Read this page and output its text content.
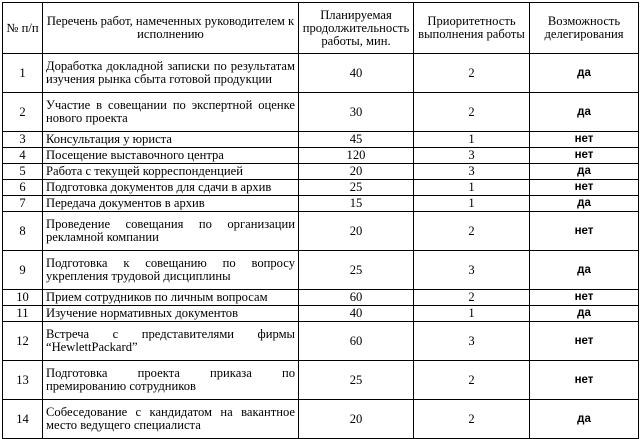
№ п/п	Перечень работ, намеченных руководителем к исполнению	Планируемая продолжительность работы, мин.	Приоритетность выполнения работы	Возможность делегирования
1	Доработка докладной записки по результатам изучения рынка сбыта готовой продукции	40	2	да
2	Участие в совещании по экспертной оценке нового проекта	30	2	да
3	Консультация у юриста	45	1	нет
4	Посещение выставочного центра	120	3	нет
5	Работа с текущей корреспонденцией	20	3	да
6	Подготовка документов для сдачи в архив	25	1	нет
7	Передача документов в архив	15	1	да
8	Проведение совещания по организации рекламной компании	20	2	нет
9	Подготовка к совещанию по вопросу укрепления трудовой дисциплины	25	3	да
10	Прием сотрудников по личным вопросам	60	2	нет
11	Изучение нормативных документов	40	1	да
12	Встреча с представителями фирмы “HewlettPackard”	60	3	нет
13	Подготовка проекта приказа по премированию сотрудников	25	2	нет
14	Собеседование с кандидатом на вакантное место ведущего специалиста	20	2	да
